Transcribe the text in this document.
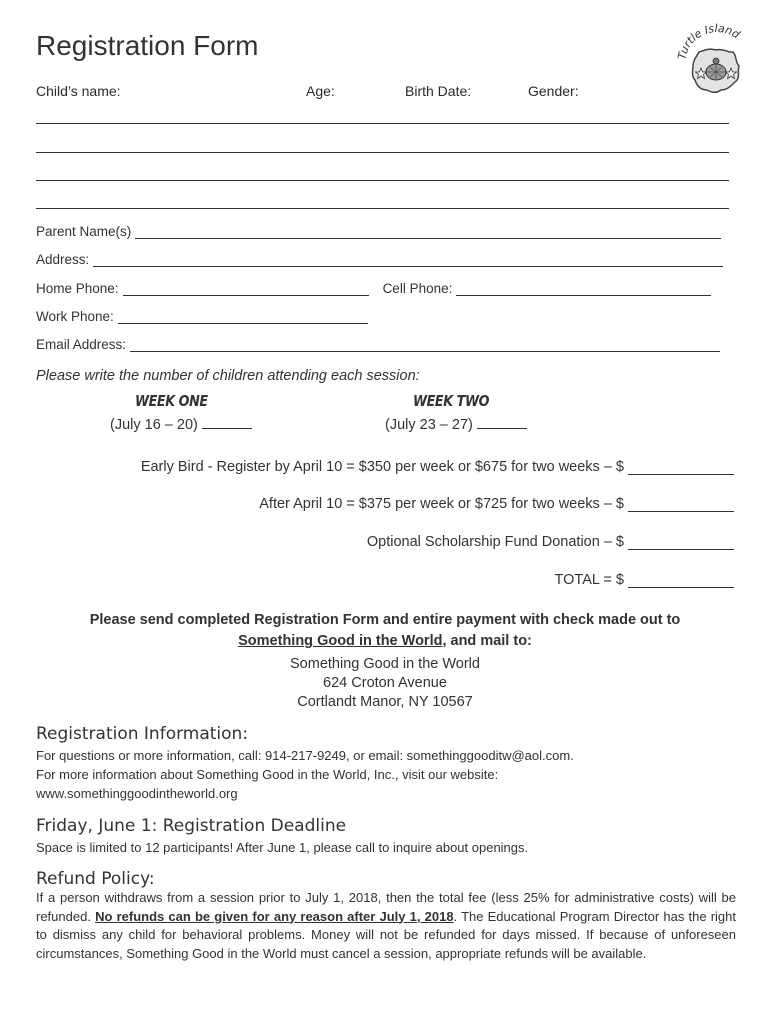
Registration Form	Turtle Island
Child’s name:	Age:	Birth Date:	Gender:
Parent Name(s)
Address:
Home Phone:	Cell Phone:
Work Phone:
Email Address:
Please write the number of children attending each session:
WEEK ONE
(July 16 – 20)
WEEK TWO
(July 23 – 27)
Early Bird - Register by April 10 = $350 per week or $675 for two weeks – $
After April 10 = $375 per week or $725 for two weeks – $
Optional Scholarship Fund Donation – $
TOTAL = $
Please send completed Registration Form and entire payment with check made out to
Something Good in the World, and mail to:
Something Good in the World
624 Croton Avenue
Cortlandt Manor, NY 10567
Registration Information:
For questions or more information, call: 914-217-9249, or email: somethinggooditw@aol.com.
For more information about Something Good in the World, Inc., visit our website:
www.somethinggoodintheworld.org
Friday, June 1: Registration Deadline
Space is limited to 12 participants! After June 1, please call to inquire about openings.
Refund Policy:
If a person withdraws from a session prior to July 1, 2018, then the total fee (less 25% for administrative costs) will be refunded. No refunds can be given for any reason after July 1, 2018. The Educational Program Director has the right to dismiss any child for behavioral problems. Money will not be refunded for days missed. If because of unforeseen circumstances, Something Good in the World must cancel a session, appropriate refunds will be available.
